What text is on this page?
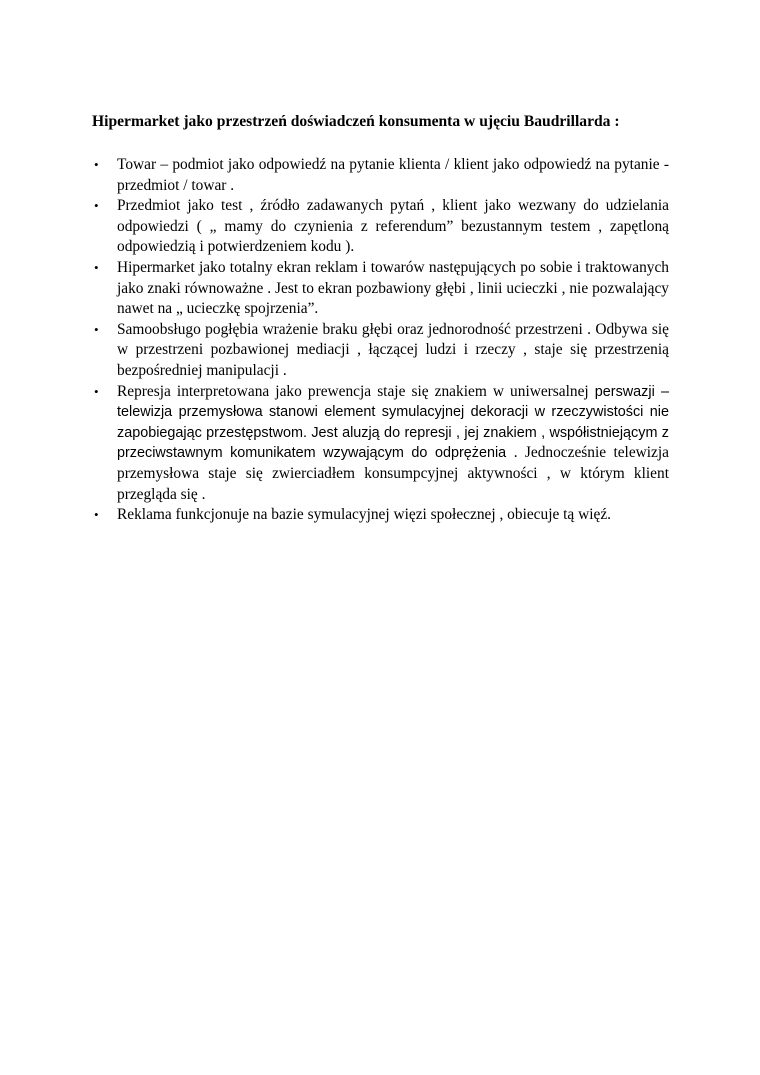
Hipermarket jako przestrzeń doświadczeń konsumenta w ujęciu Baudrillarda :

• Towar – podmiot jako odpowiedź na pytanie klienta / klient jako odpowiedź na pytanie - przedmiot / towar .
• Przedmiot jako test , źródło zadawanych pytań , klient jako wezwany do udzielania odpowiedzi ( „ mamy do czynienia z referendum” bezustannym testem , zapętloną odpowiedzią i potwierdzeniem kodu ).
• Hipermarket jako totalny ekran reklam i towarów następujących po sobie i traktowanych jako znaki równoważne . Jest to ekran pozbawiony głębi , linii ucieczki , nie pozwalający nawet na „ ucieczkę spojrzenia”.
• Samoobsługo pogłębia wrażenie braku głębi oraz jednorodność przestrzeni . Odbywa się w przestrzeni pozbawionej mediacji , łączącej ludzi i rzeczy , staje się przestrzenią bezpośredniej manipulacji .
• Represja interpretowana jako prewencja staje się znakiem w uniwersalnej perswazji – telewizja przemysłowa stanowi element symulacyjnej dekoracji w rzeczywistości nie zapobiegając przestępstwom. Jest aluzją do represji , jej znakiem , współistniejącym z przeciwstawnym komunikatem wzywającym do odprężenia . Jednocześnie telewizja przemysłowa staje się zwierciadłem konsumpcyjnej aktywności , w którym klient przegląda się .
• Reklama funkcjonuje na bazie symulacyjnej więzi społecznej , obiecuje tą więź.
